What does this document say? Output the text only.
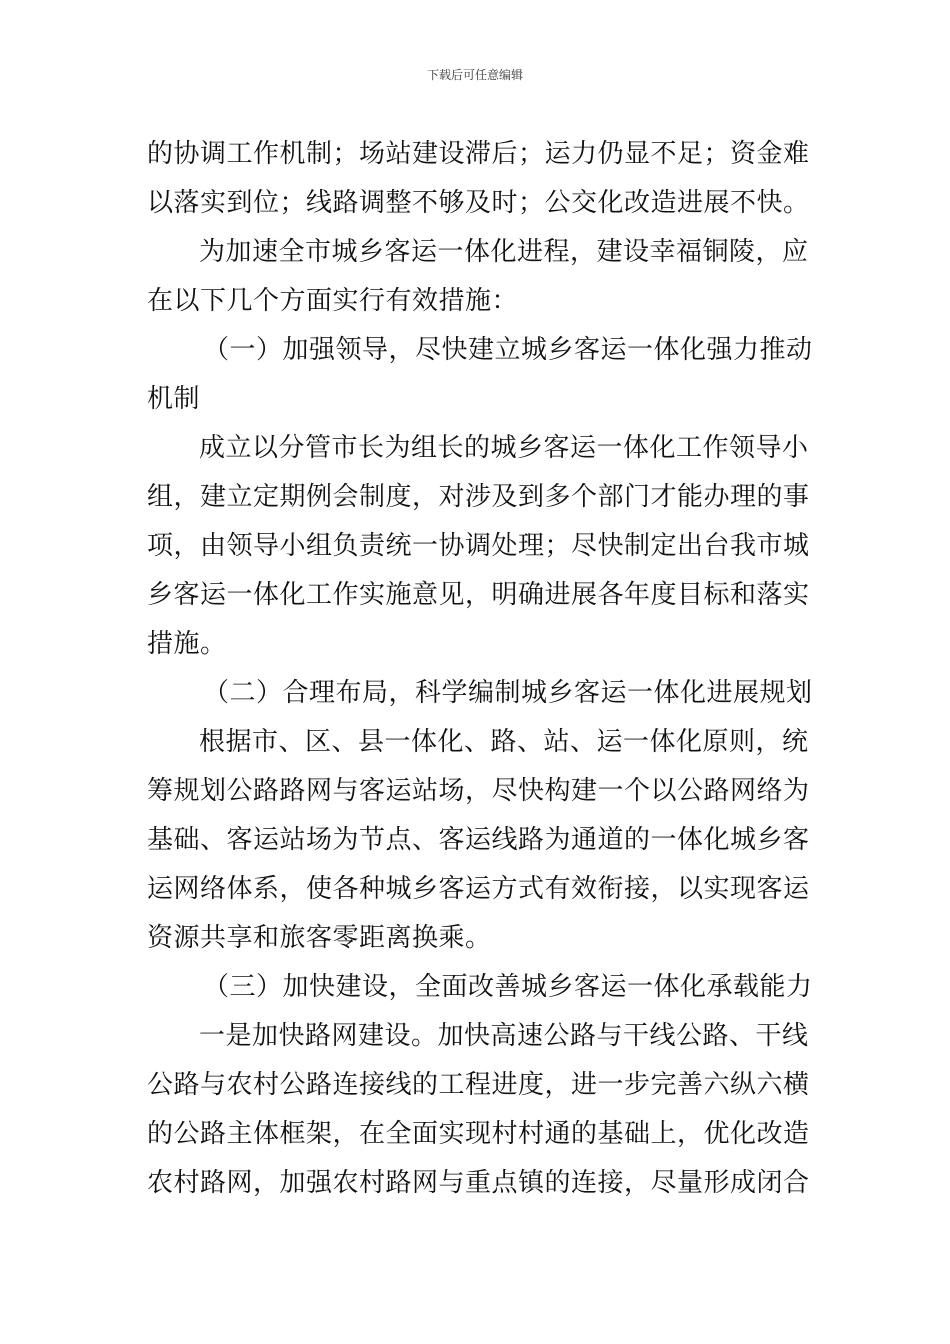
下载后可任意编辑
的协调工作机制；场站建设滞后；运力仍显不足；资金难
以落实到位；线路调整不够及时；公交化改造进展不快。
为加速全市城乡客运一体化进程，建设幸福铜陵，应
在以下几个方面实行有效措施：
（一）加强领导，尽快建立城乡客运一体化强力推动
机制
成立以分管市长为组长的城乡客运一体化工作领导小
组，建立定期例会制度，对涉及到多个部门才能办理的事
项，由领导小组负责统一协调处理；尽快制定出台我市城
乡客运一体化工作实施意见，明确进展各年度目标和落实
措施。
（二）合理布局，科学编制城乡客运一体化进展规划
根据市、区、县一体化、路、站、运一体化原则，统
筹规划公路路网与客运站场，尽快构建一个以公路网络为
基础、客运站场为节点、客运线路为通道的一体化城乡客
运网络体系，使各种城乡客运方式有效衔接，以实现客运
资源共享和旅客零距离换乘。
（三）加快建设，全面改善城乡客运一体化承载能力
一是加快路网建设。加快高速公路与干线公路、干线
公路与农村公路连接线的工程进度，进一步完善六纵六横
的公路主体框架，在全面实现村村通的基础上，优化改造
农村路网，加强农村路网与重点镇的连接，尽量形成闭合
